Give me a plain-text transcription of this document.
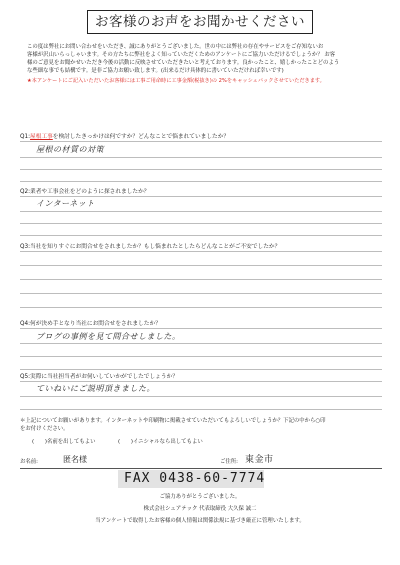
お客様のお声をお聞かせください
この度は弊社にお問い合わせをいただき、誠にありがとうございました。世の中には弊社の存在やサービスをご存知ないお
客様が沢山いらっしゃいます。その方たちに弊社をよく知っていただくためのアンケートにご協力いただけるでしょうか？ お客
様のご意見をお聞かせいただき今後の活動に反映させていただきたいと考えております。良かったこと、嬉しかったことどのよう
な些細な事でも結構です。是非ご協力お願い致します。(出来るだけ具体的に書いていただければ幸いです)
★本アンケートにご記入いただいたお客様には工事ご用命時に工事金額(税抜き)の 2%をキャッシュバックさせていただきます。
Q1:屋根工事を検討したきっかけは何ですか？どんなことで悩まれていましたか？
屋根の材質の対策
Q2:業者や工事会社をどのように探されましたか？
インターネット
Q3:当社を知りすぐにお問合せをされましたか？もし悩まれたとしたらどんなことがご不安でしたか？
Q4:何が決め手となり当社にお問合せをされましたか？
ブログの事例を見て問合せしました。
Q5:実際に当社担当者がお伺いしていかがでしたでしょうか？
ていねいにご説明頂きました。
＊上記についてお願いがあります。インターネットや印刷物に掲載させていただいてもよろしいでしょうか？下記の中から○印
をお付けください。
(　　)名前を出してもよい	(　　)イニシャルなら出してもよい
お名前:	匿名様	ご住所: 東金市
FAX 0438-60-7774
ご協力ありがとうございました。
株式会社シェアテック 代表取締役 大久保 誠二
当アンケートで取得したお客様の個人情報は関係法規に基づき厳正に管理いたします。
